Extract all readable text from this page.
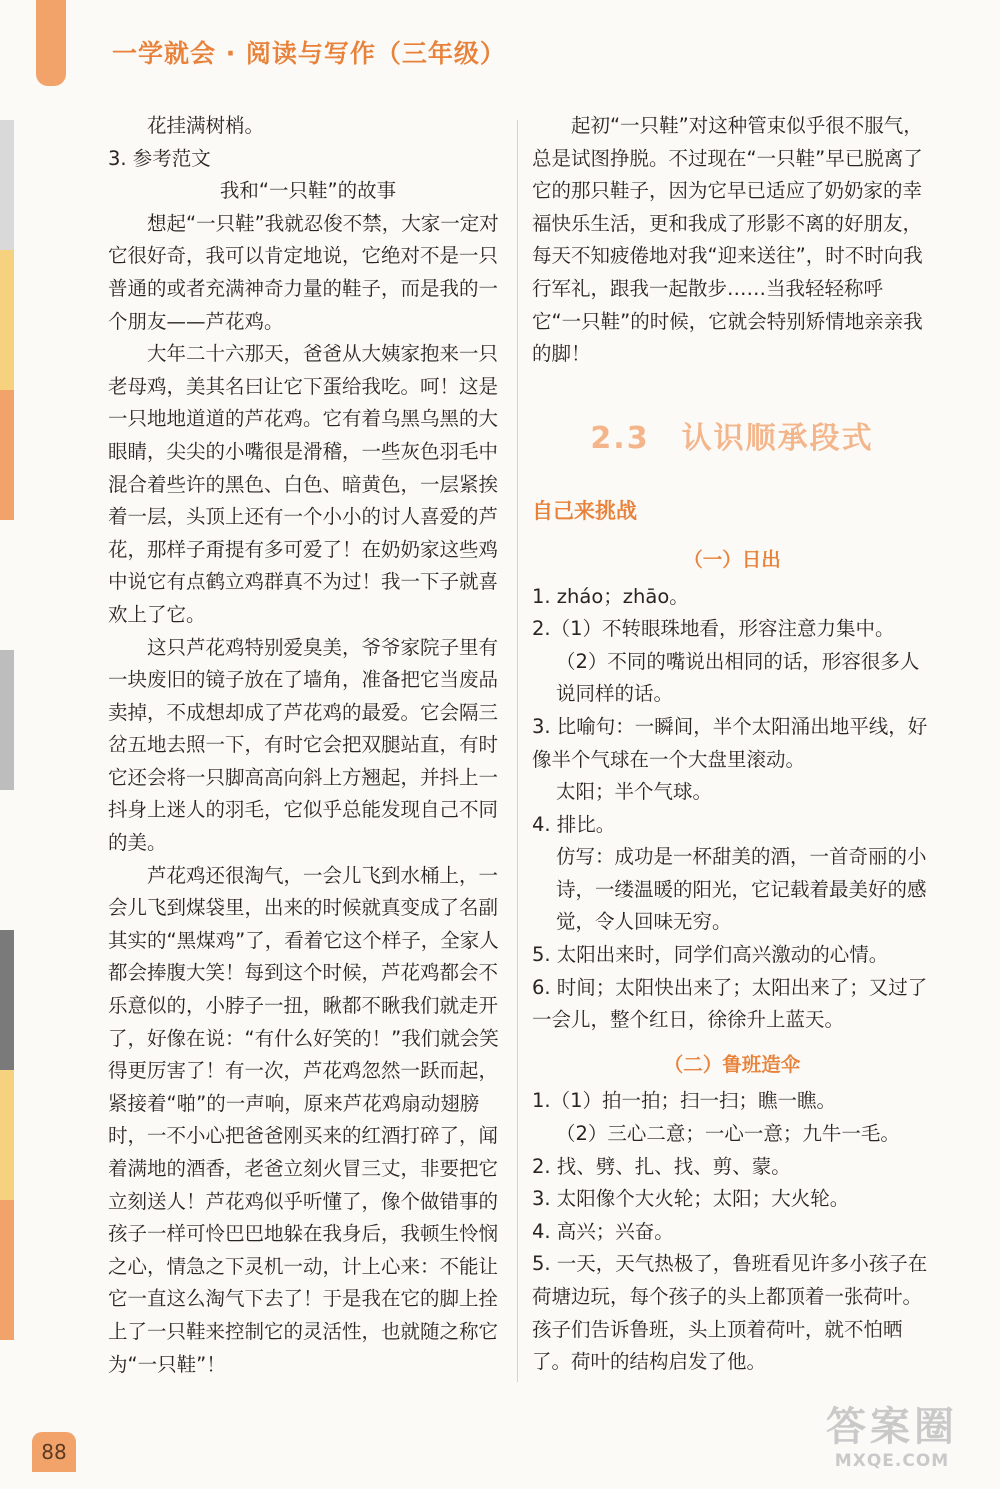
一学就会 · 阅读与写作（三年级）

花挂满树梢。

3. 参考范文

我和“一只鞋”的故事

想起“一只鞋”我就忍俊不禁，大家一定对它很好奇，我可以肯定地说，它绝对不是一只普通的或者充满神奇力量的鞋子，而是我的一个朋友——芦花鸡。

大年二十六那天，爸爸从大姨家抱来一只老母鸡，美其名曰让它下蛋给我吃。呵！这是一只地地道道的芦花鸡。它有着乌黑乌黑的大眼睛，尖尖的小嘴很是滑稽，一些灰色羽毛中混合着些许的黑色、白色、暗黄色，一层紧挨着一层，头顶上还有一个小小的讨人喜爱的芦花，那样子甭提有多可爱了！在奶奶家这些鸡中说它有点鹤立鸡群真不为过！我一下子就喜欢上了它。

这只芦花鸡特别爱臭美，爷爷家院子里有一块废旧的镜子放在了墙角，准备把它当废品卖掉，不成想却成了芦花鸡的最爱。它会隔三岔五地去照一下，有时它会把双腿站直，有时它还会将一只脚高高向斜上方翘起，并抖上一抖身上迷人的羽毛，它似乎总能发现自己不同的美。

芦花鸡还很淘气，一会儿飞到水桶上，一会儿飞到煤袋里，出来的时候就真变成了名副其实的“黑煤鸡”了，看着它这个样子，全家人都会捧腹大笑！每到这个时候，芦花鸡都会不乐意似的，小脖子一扭，瞅都不瞅我们就走开了，好像在说：“有什么好笑的！”我们就会笑得更厉害了！有一次，芦花鸡忽然一跃而起，紧接着“啪”的一声响，原来芦花鸡扇动翅膀时，一不小心把爸爸刚买来的红酒打碎了，闻着满地的酒香，老爸立刻火冒三丈，非要把它立刻送人！芦花鸡似乎听懂了，像个做错事的孩子一样可怜巴巴地躲在我身后，我顿生怜悯之心，情急之下灵机一动，计上心来：不能让它一直这么淘气下去了！于是我在它的脚上拴上了一只鞋来控制它的灵活性，也就随之称它为“一只鞋”！

起初“一只鞋”对这种管束似乎很不服气，总是试图挣脱。不过现在“一只鞋”早已脱离了它的那只鞋子，因为它早已适应了奶奶家的幸福快乐生活，更和我成了形影不离的好朋友，每天不知疲倦地对我“迎来送往”，时不时向我行军礼，跟我一起散步……当我轻轻称呼它“一只鞋”的时候，它就会特别矫情地亲亲我的脚！

2.3　认识顺承段式
自己来挑战
（一）日出

1. zháo；zhāo。

2.（1）不转眼珠地看，形容注意力集中。

（2）不同的嘴说出相同的话，形容很多人说同样的话。

3. 比喻句：一瞬间，半个太阳涌出地平线，好像半个气球在一个大盘里滚动。

太阳；半个气球。

4. 排比。

仿写：成功是一杯甜美的酒，一首奇丽的小诗，一缕温暖的阳光，它记载着最美好的感觉，令人回味无穷。

5. 太阳出来时，同学们高兴激动的心情。

6. 时间；太阳快出来了；太阳出来了；又过了一会儿，整个红日，徐徐升上蓝天。

（二）鲁班造伞

1.（1）拍一拍；扫一扫；瞧一瞧。

（2）三心二意；一心一意；九牛一毛。

2. 找、劈、扎、找、剪、蒙。

3. 太阳像个大火轮；太阳；大火轮。

4. 高兴；兴奋。

5. 一天，天气热极了，鲁班看见许多小孩子在荷塘边玩，每个孩子的头上都顶着一张荷叶。孩子们告诉鲁班，头上顶着荷叶，就不怕晒了。荷叶的结构启发了他。

88
答案圈
MXQE.COM
